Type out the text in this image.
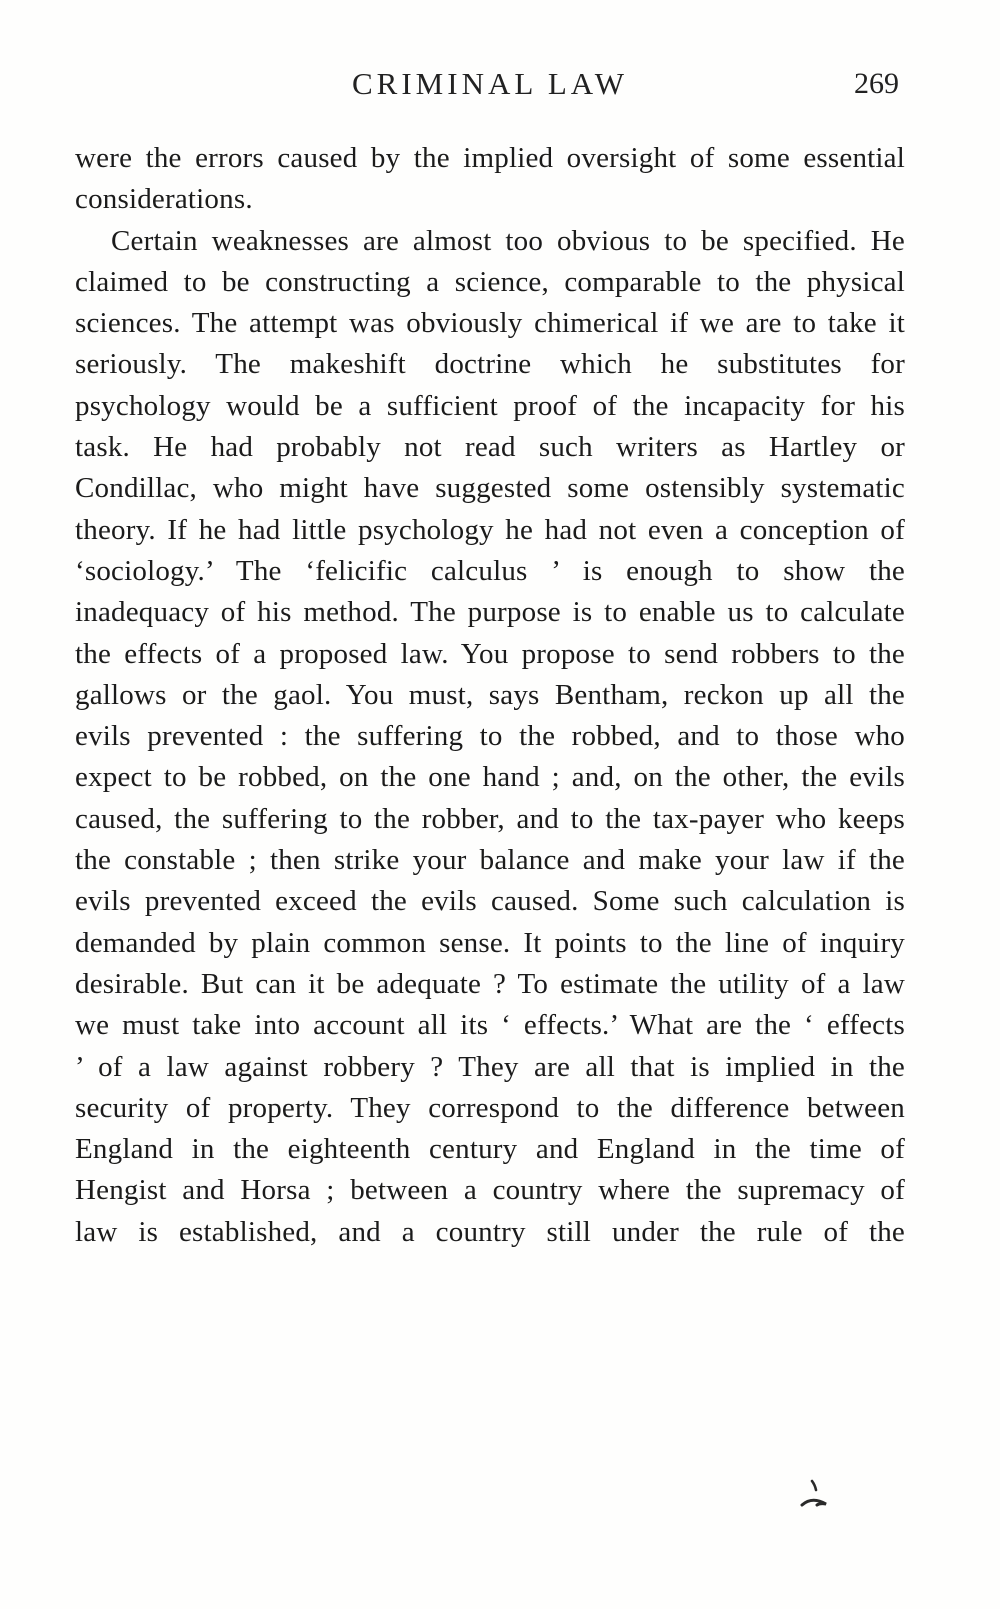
CRIMINAL LAW	269

were the errors caused by the implied oversight of some essential considerations.

Certain weaknesses are almost too obvious to be specified. He claimed to be constructing a science, comparable to the physical sciences. The attempt was obviously chimerical if we are to take it seriously. The makeshift doctrine which he substitutes for psychology would be a sufficient proof of the incapacity for his task. He had probably not read such writers as Hartley or Condillac, who might have suggested some ostensibly systematic theory. If he had little psychology he had not even a conception of ‘sociology.’ The ‘felicific calculus ’ is enough to show the inadequacy of his method. The purpose is to enable us to calculate the effects of a proposed law. You propose to send robbers to the gallows or the gaol. You must, says Bentham, reckon up all the evils prevented : the suffering to the robbed, and to those who expect to be robbed, on the one hand ; and, on the other, the evils caused, the suffering to the robber, and to the tax-payer who keeps the constable ; then strike your balance and make your law if the evils prevented exceed the evils caused. Some such calculation is demanded by plain common sense. It points to the line of inquiry desirable. But can it be adequate ? To estimate the utility of a law we must take into account all its ‘ effects.’ What are the ‘ effects ’ of a law against robbery ? They are all that is implied in the security of property. They correspond to the difference between England in the eighteenth century and England in the time of Hengist and Horsa ; between a country where the supremacy of law is established, and a country still under the rule of the
